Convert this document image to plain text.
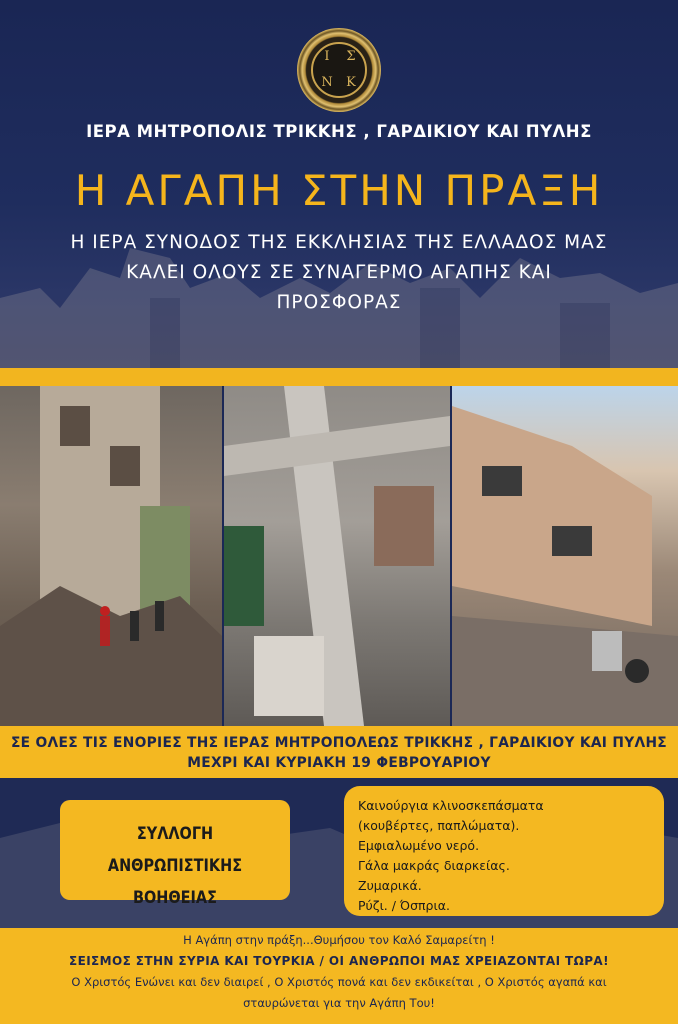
Ι	Σ
Ν	Κ
ΙΕΡΑ ΜΗΤΡΟΠΟΛΙΣ ΤΡΙΚΚΗΣ , ΓΑΡΔΙΚΙΟΥ ΚΑΙ ΠΥΛΗΣ
Η ΑΓΑΠΗ ΣΤΗΝ ΠΡΑΞΗ
Η ΙΕΡΑ ΣΥΝΟΔΟΣ ΤΗΣ ΕΚΚΛΗΣΙΑΣ ΤΗΣ ΕΛΛΑΔΟΣ ΜΑΣ
ΚΑΛΕΙ ΟΛΟΥΣ ΣΕ ΣΥΝΑΓΕΡΜΟ ΑΓΑΠΗΣ ΚΑΙ
ΠΡΟΣΦΟΡΑΣ
ΣΕ ΟΛΕΣ ΤΙΣ ΕΝΟΡΙΕΣ ΤΗΣ ΙΕΡΑΣ ΜΗΤΡΟΠΟΛΕΩΣ ΤΡΙΚΚΗΣ , ΓΑΡΔΙΚΙΟΥ ΚΑΙ ΠΥΛΗΣ
ΜΕΧΡΙ ΚΑΙ ΚΥΡΙΑΚΗ 19 ΦΕΒΡΟΥΑΡΙΟΥ
ΣΥΛΛΟΓΗ ΑΝΘΡΩΠΙΣΤΙΚΗΣ
ΒΟΗΘΕΙΑΣ
Καινούργια κλινοσκεπάσματα
(κουβέρτες, παπλώματα).
Εμφιαλωμένο νερό.
Γάλα μακράς διαρκείας.
Ζυμαρικά.
Ρύζι. / Όσπρια.
Η Αγάπη στην πράξη...Θυμήσου τον Καλό Σαμαρείτη !
ΣΕΙΣΜΟΣ ΣΤΗΝ ΣΥΡΙΑ ΚΑΙ ΤΟΥΡΚΙΑ / ΟΙ ΑΝΘΡΩΠΟΙ ΜΑΣ ΧΡΕΙΑΖΟΝΤΑΙ ΤΩΡΑ!
Ο Χριστός Ενώνει και δεν διαιρεί , Ο Χριστός πονά και δεν εκδικείται , Ο Χριστός αγαπά και
σταυρώνεται για την Αγάπη Του!
